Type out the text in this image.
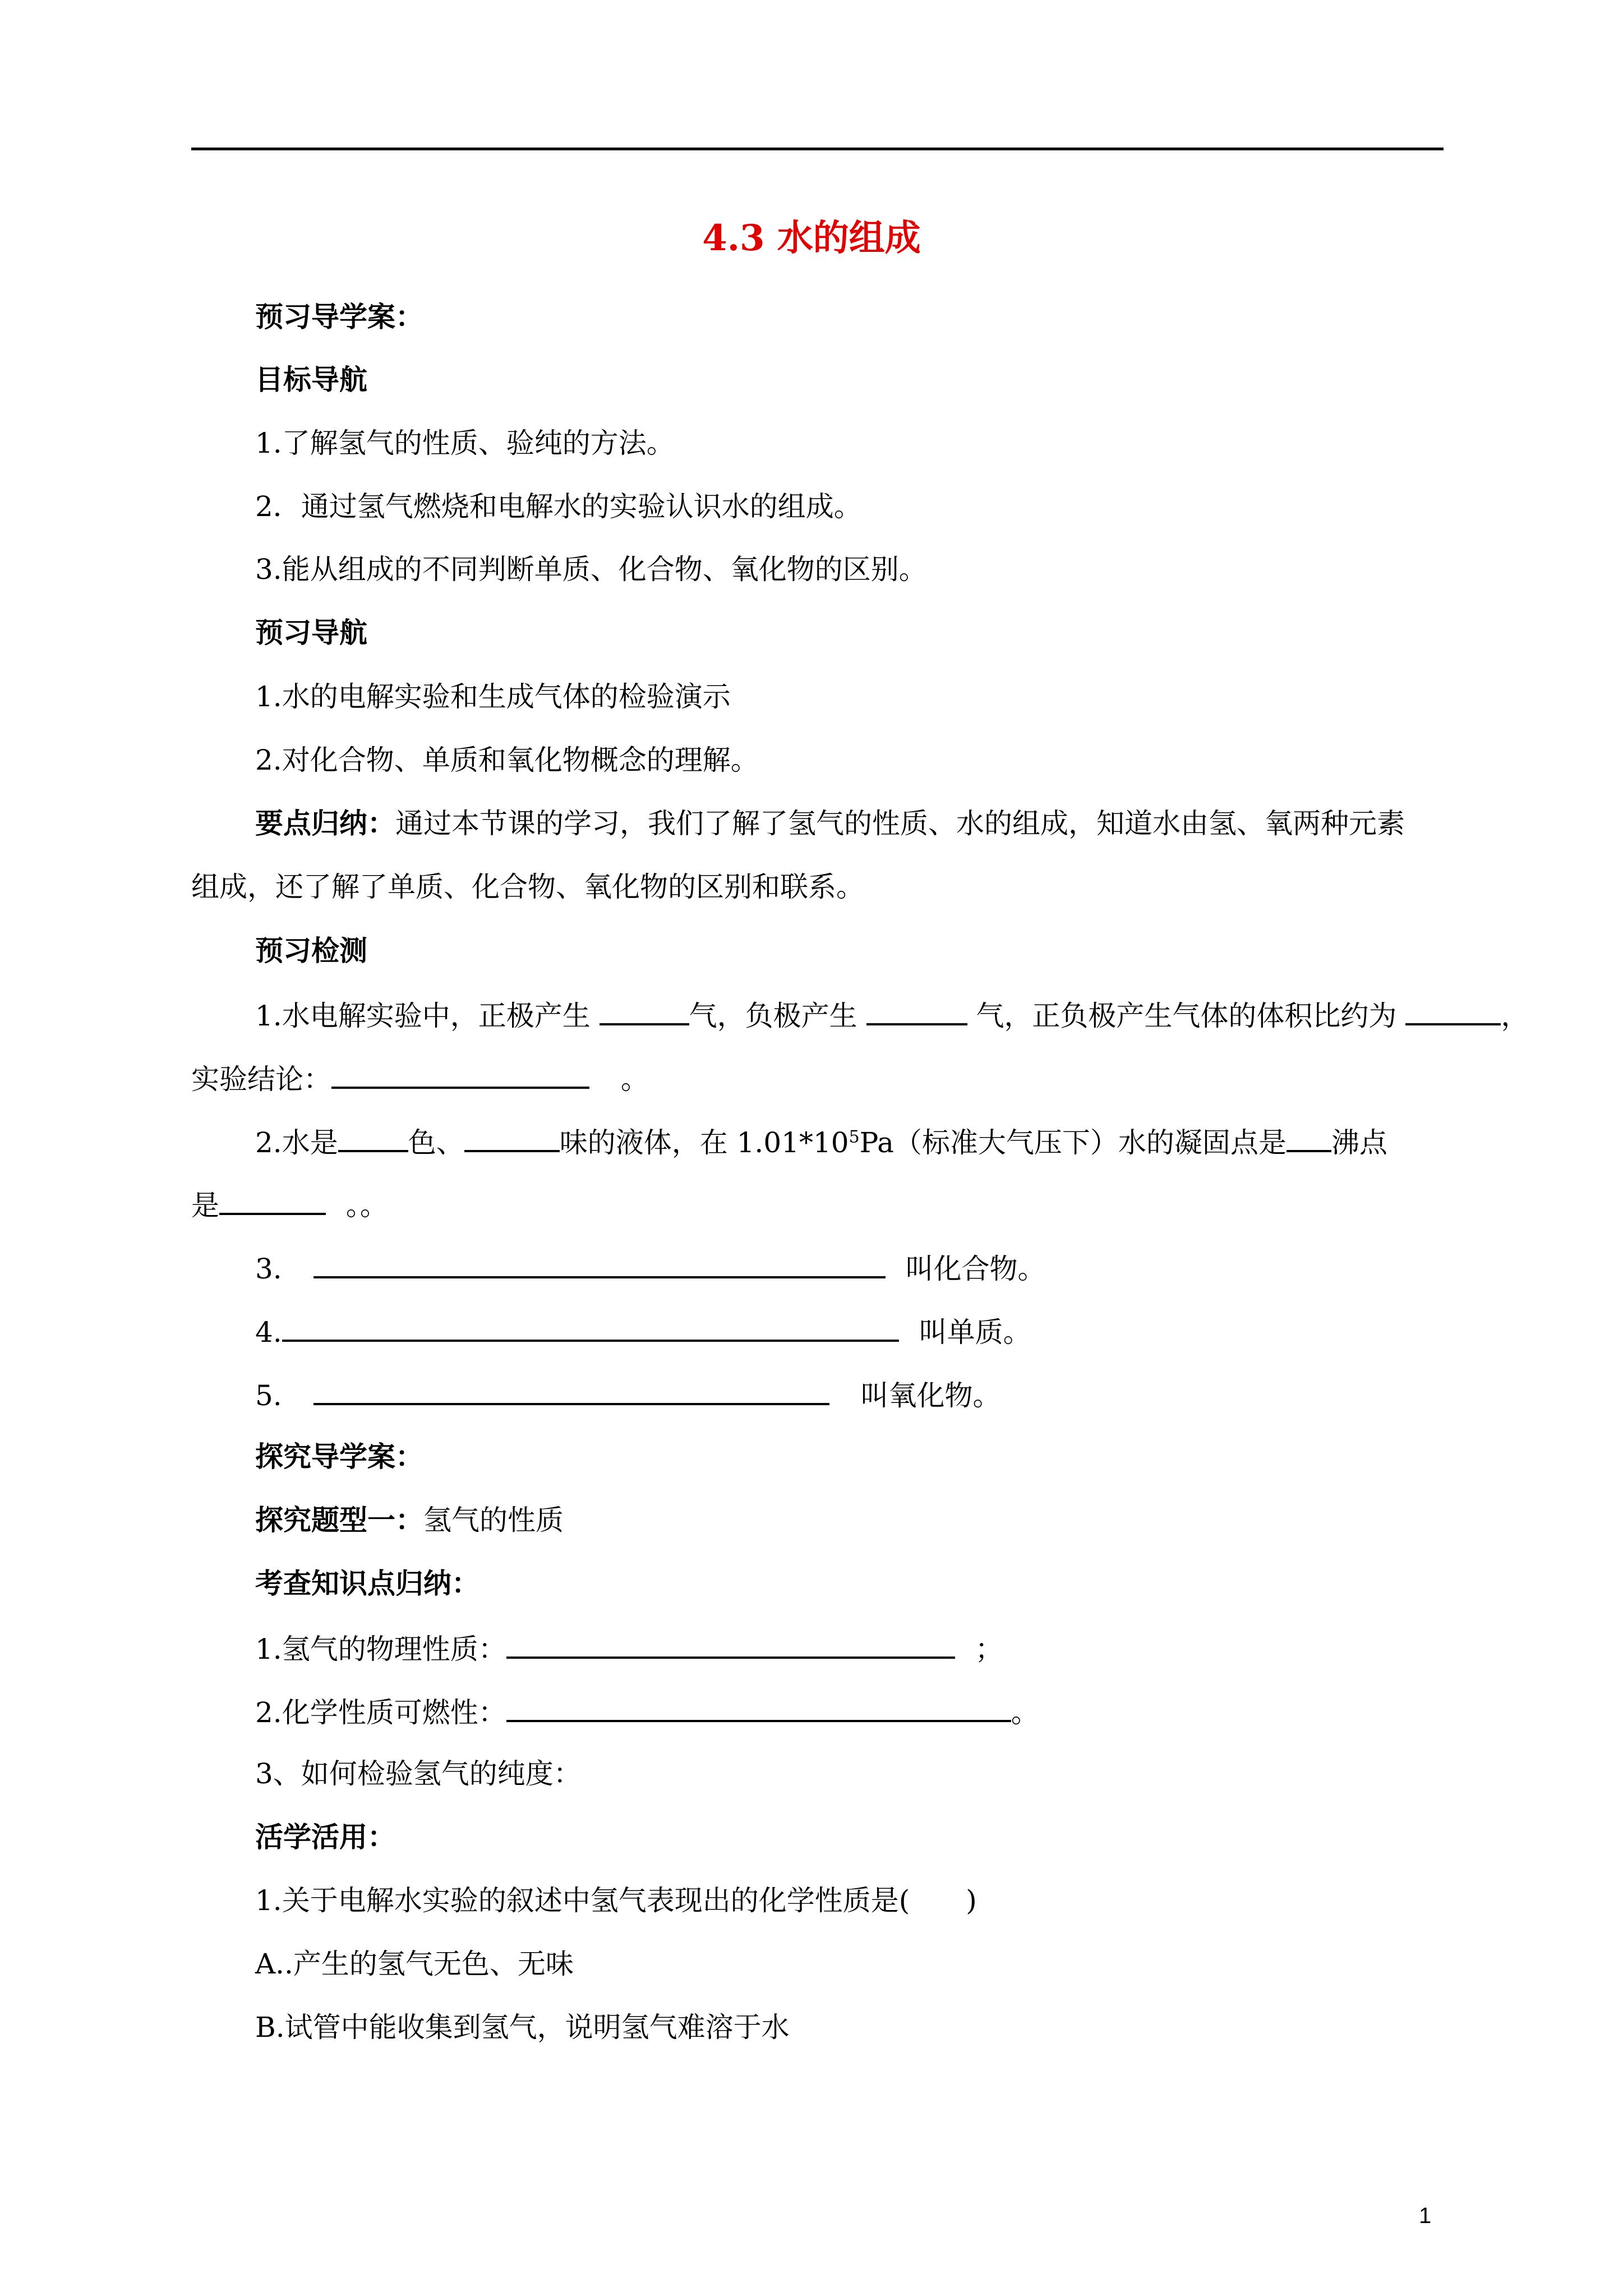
4.3 水的组成
预习导学案：
目标导航
1.了解氢气的性质、验纯的方法。
2．通过氢气燃烧和电解水的实验认识水的组成。
3.能从组成的不同判断单质、化合物、氧化物的区别。
预习导航
1.水的电解实验和生成气体的检验演示
2.对化合物、单质和氧化物概念的理解。
要点归纳：通过本节课的学习，我们了解了氢气的性质、水的组成，知道水由氢、氧两种元素
组成，还了解了单质、化合物、氧化物的区别和联系。
预习检测
1.水电解实验中，正极产生	气，负极产生	气，正负极产生气体的体积比约为	，
实验结论：	。
2.水是	色、	味的液体，在 $1.01*10^5Pa$（标准大气压下）水的凝固点是 沸点
是	。。
3.	叫化合物。
4.	叫单质。
5.	叫氧化物。
探究导学案：
探究题型一：氢气的性质
考查知识点归纳：
1.氢气的物理性质：	；
2.化学性质可燃性：	。
3、如何检验氢气的纯度：
活学活用：
1.关于电解水实验的叙述中氢气表现出的化学性质是(　　)
A..产生的氢气无色、无味
B.试管中能收集到氢气，说明氢气难溶于水
1
